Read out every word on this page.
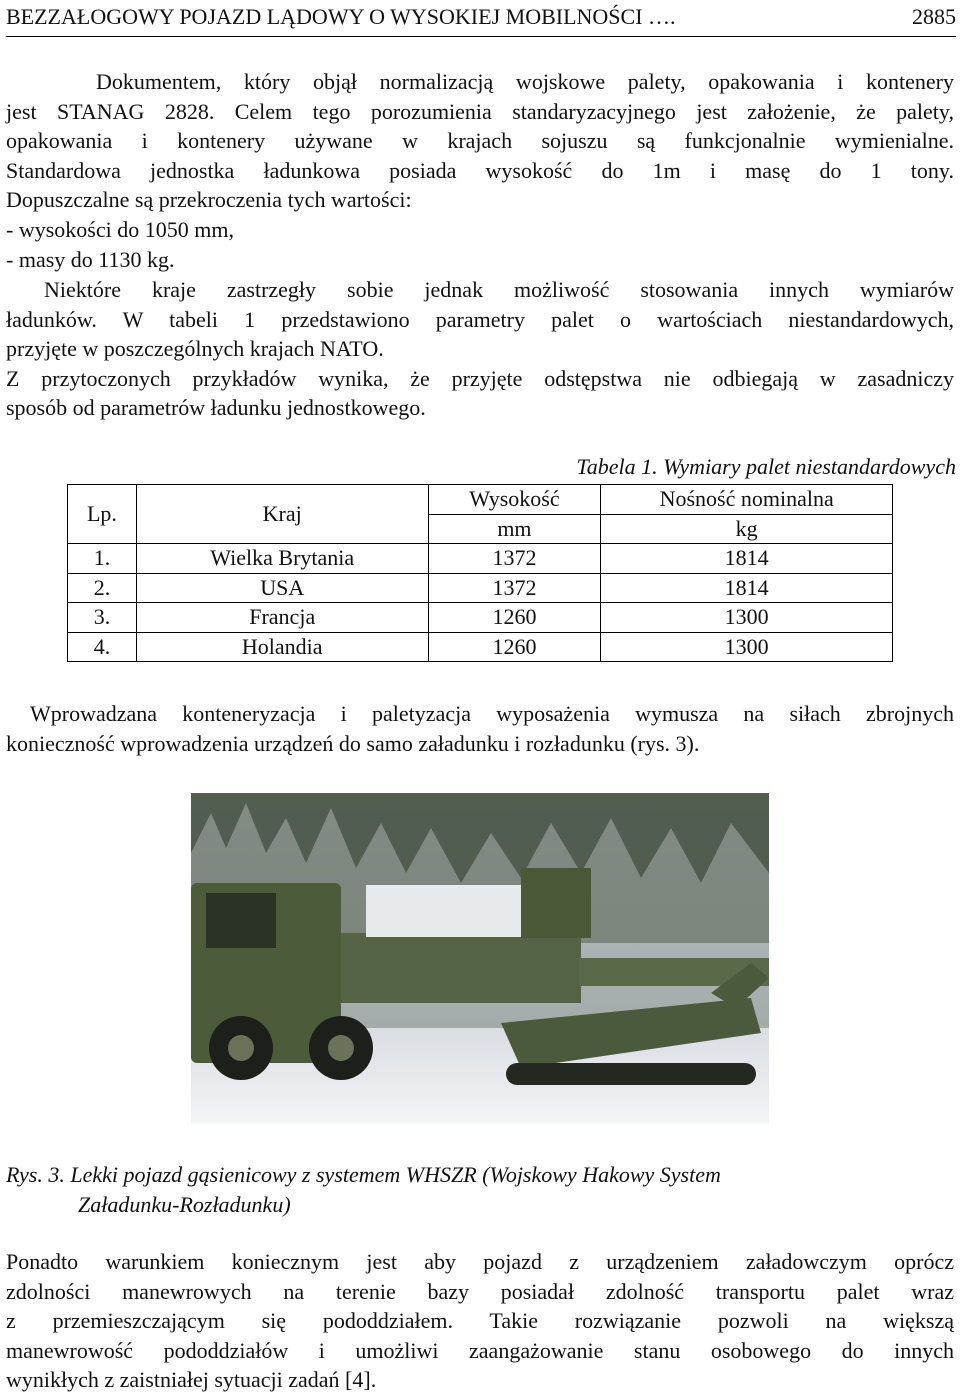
BEZZAŁOGOWY POJAZD LĄDOWY O WYSOKIEJ MOBILNOŚCI ….	2885
Dokumentem, który objął normalizacją wojskowe palety, opakowania i kontenery
jest STANAG 2828. Celem tego porozumienia standaryzacyjnego jest założenie, że palety,
opakowania i kontenery używane w krajach sojuszu są funkcjonalnie wymienialne.
Standardowa jednostka ładunkowa posiada wysokość do 1m i masę do 1 tony.
Dopuszczalne są przekroczenia tych wartości:
- wysokości do 1050 mm,
- masy do 1130 kg.
Niektóre kraje zastrzegły sobie jednak możliwość stosowania innych wymiarów
ładunków. W tabeli 1 przedstawiono parametry palet o wartościach niestandardowych,
przyjęte w poszczególnych krajach NATO.
Z przytoczonych przykładów wynika, że przyjęte odstępstwa nie odbiegają w zasadniczy
sposób od parametrów ładunku jednostkowego.
Tabela 1. Wymiary palet niestandardowych
Lp.	Kraj	Wysokość	Nośność nominalna
		mm	kg
1.	Wielka Brytania	1372	1814
2.	USA	1372	1814
3.	Francja	1260	1300
4.	Holandia	1260	1300
Wprowadzana konteneryzacja i paletyzacja wyposażenia wymusza na siłach zbrojnych
konieczność wprowadzenia urządzeń do samo załadunku i rozładunku (rys. 3).
Rys. 3. Lekki pojazd gąsienicowy z systemem WHSZR (Wojskowy Hakowy System
Załadunku-Rozładunku)
Ponadto warunkiem koniecznym jest aby pojazd z urządzeniem załadowczym oprócz
zdolności manewrowych na terenie bazy posiadał zdolność transportu palet wraz
z przemieszczającym się pododdziałem. Takie rozwiązanie pozwoli na większą
manewrowość pododdziałów i umożliwi zaangażowanie stanu osobowego do innych
wynikłych z zaistniałej sytuacji zadań [4].
